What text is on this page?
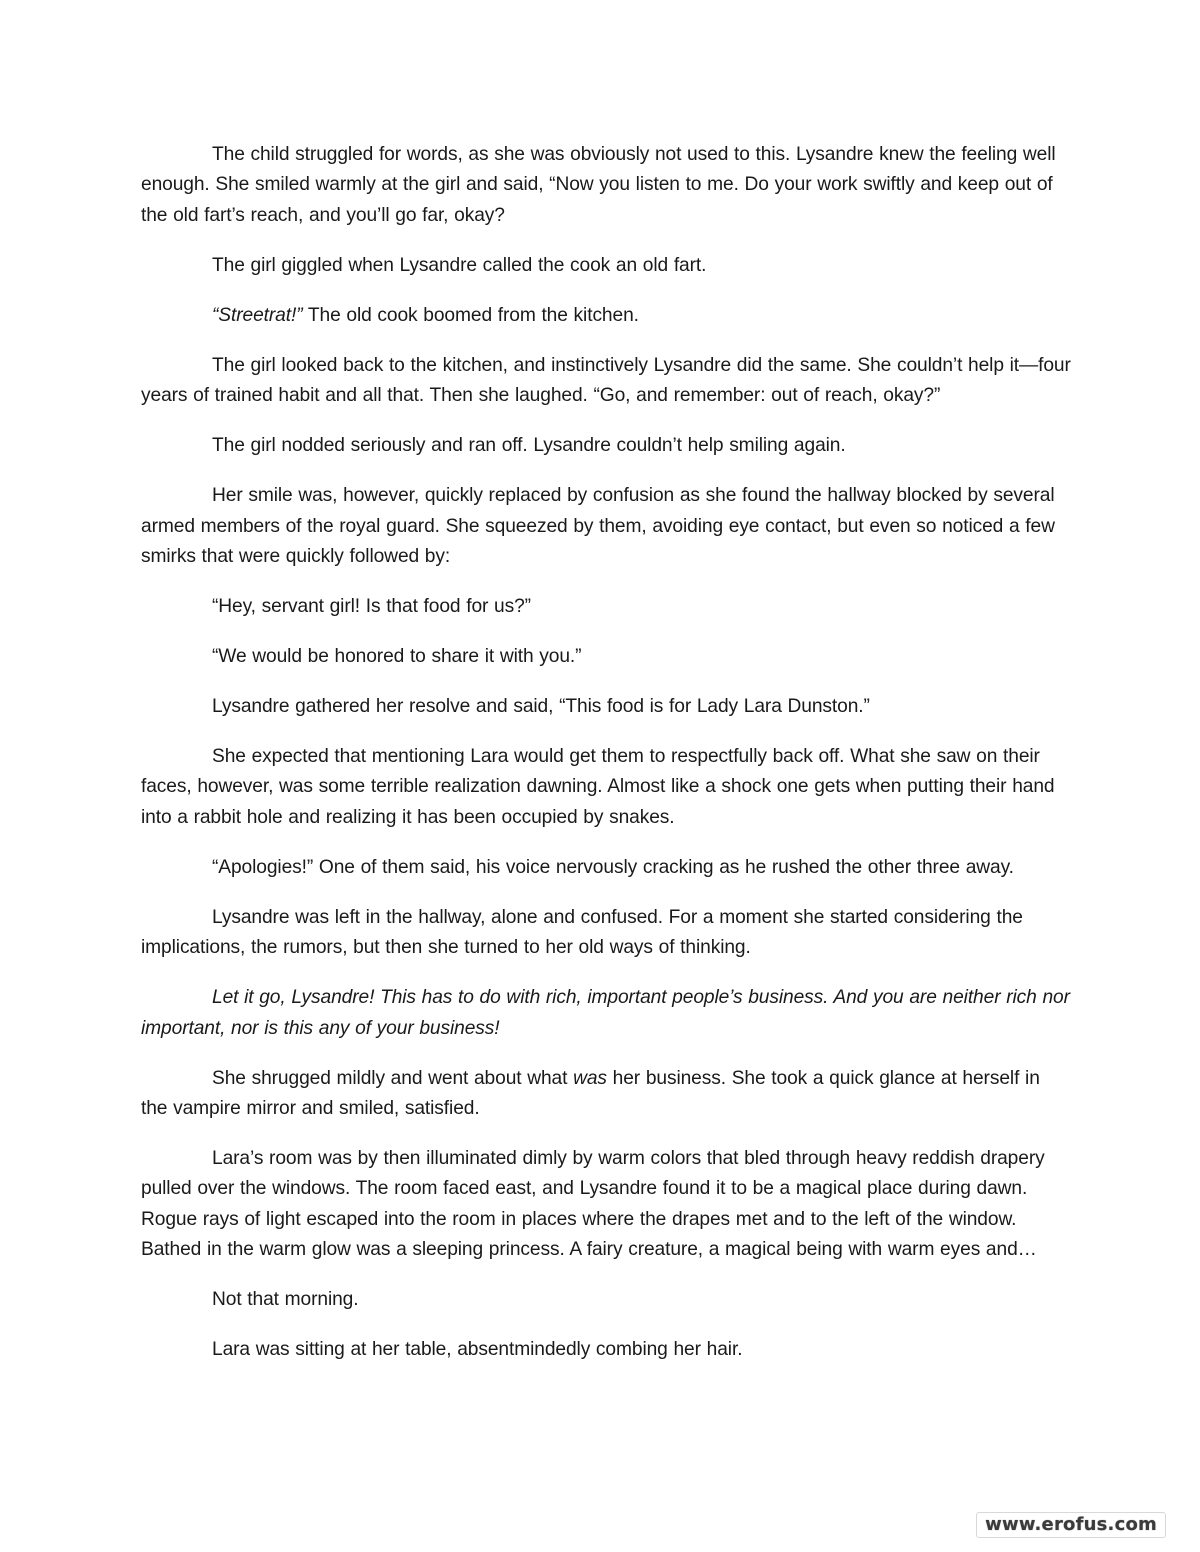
The child struggled for words, as she was obviously not used to this. Lysandre knew the feeling well enough. She smiled warmly at the girl and said, “Now you listen to me. Do your work swiftly and keep out of the old fart’s reach, and you’ll go far, okay?

The girl giggled when Lysandre called the cook an old fart.

“Streetrat!” The old cook boomed from the kitchen.

The girl looked back to the kitchen, and instinctively Lysandre did the same. She couldn’t help it—four years of trained habit and all that. Then she laughed. “Go, and remember: out of reach, okay?”

The girl nodded seriously and ran off. Lysandre couldn’t help smiling again.

Her smile was, however, quickly replaced by confusion as she found the hallway blocked by several armed members of the royal guard. She squeezed by them, avoiding eye contact, but even so noticed a few smirks that were quickly followed by:

“Hey, servant girl! Is that food for us?”

“We would be honored to share it with you.”

Lysandre gathered her resolve and said, “This food is for Lady Lara Dunston.”

She expected that mentioning Lara would get them to respectfully back off. What she saw on their faces, however, was some terrible realization dawning. Almost like a shock one gets when putting their hand into a rabbit hole and realizing it has been occupied by snakes.

“Apologies!” One of them said, his voice nervously cracking as he rushed the other three away.

Lysandre was left in the hallway, alone and confused. For a moment she started considering the implications, the rumors, but then she turned to her old ways of thinking.

Let it go, Lysandre! This has to do with rich, important people’s business. And you are neither rich nor important, nor is this any of your business!

She shrugged mildly and went about what was her business. She took a quick glance at herself in the vampire mirror and smiled, satisfied.

Lara’s room was by then illuminated dimly by warm colors that bled through heavy reddish drapery pulled over the windows. The room faced east, and Lysandre found it to be a magical place during dawn. Rogue rays of light escaped into the room in places where the drapes met and to the left of the window. Bathed in the warm glow was a sleeping princess. A fairy creature, a magical being with warm eyes and…

Not that morning.

Lara was sitting at her table, absentmindedly combing her hair.

www.erofus.com
